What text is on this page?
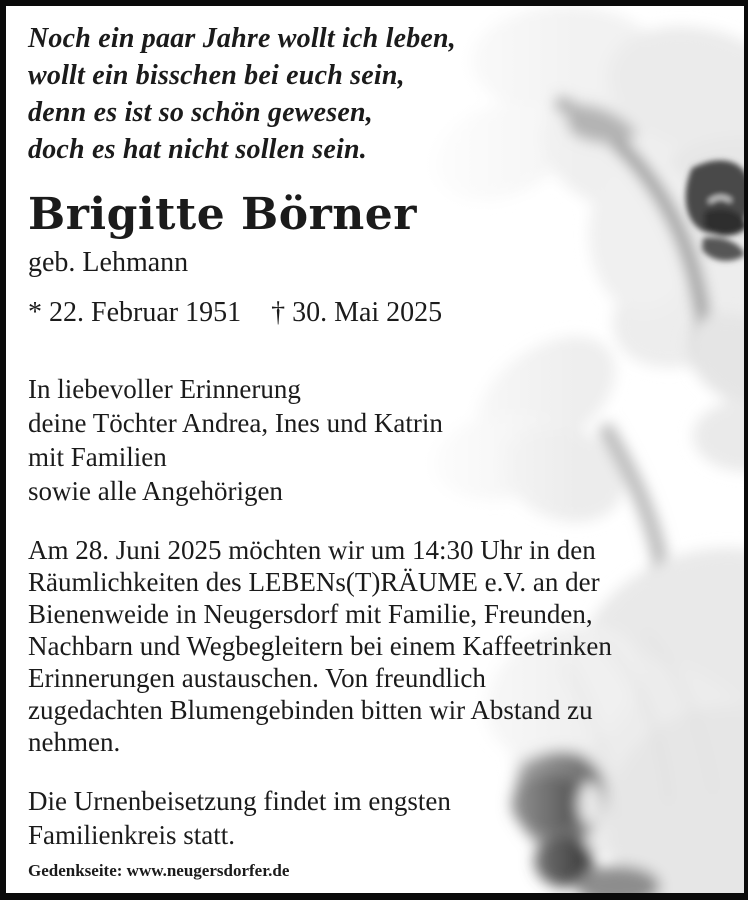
Noch ein paar Jahre wollt ich leben,
wollt ein bisschen bei euch sein,
denn es ist so schön gewesen,
doch es hat nicht sollen sein.
Brigitte Börner
geb. Lehmann
* 22. Februar 1951 † 30. Mai 2025
In liebevoller Erinnerung
deine Töchter Andrea, Ines und Katrin
mit Familien
sowie alle Angehörigen
Am 28. Juni 2025 möchten wir um 14:30 Uhr in den
Räumlichkeiten des LEBENs(T)RÄUME e.V. an der
Bienenweide in Neugersdorf mit Familie, Freunden,
Nachbarn und Wegbegleitern bei einem Kaffeetrinken
Erinnerungen austauschen. Von freundlich
zugedachten Blumengebinden bitten wir Abstand zu
nehmen.
Die Urnenbeisetzung findet im engsten
Familienkreis statt.
Gedenkseite: www.neugersdorfer.de
